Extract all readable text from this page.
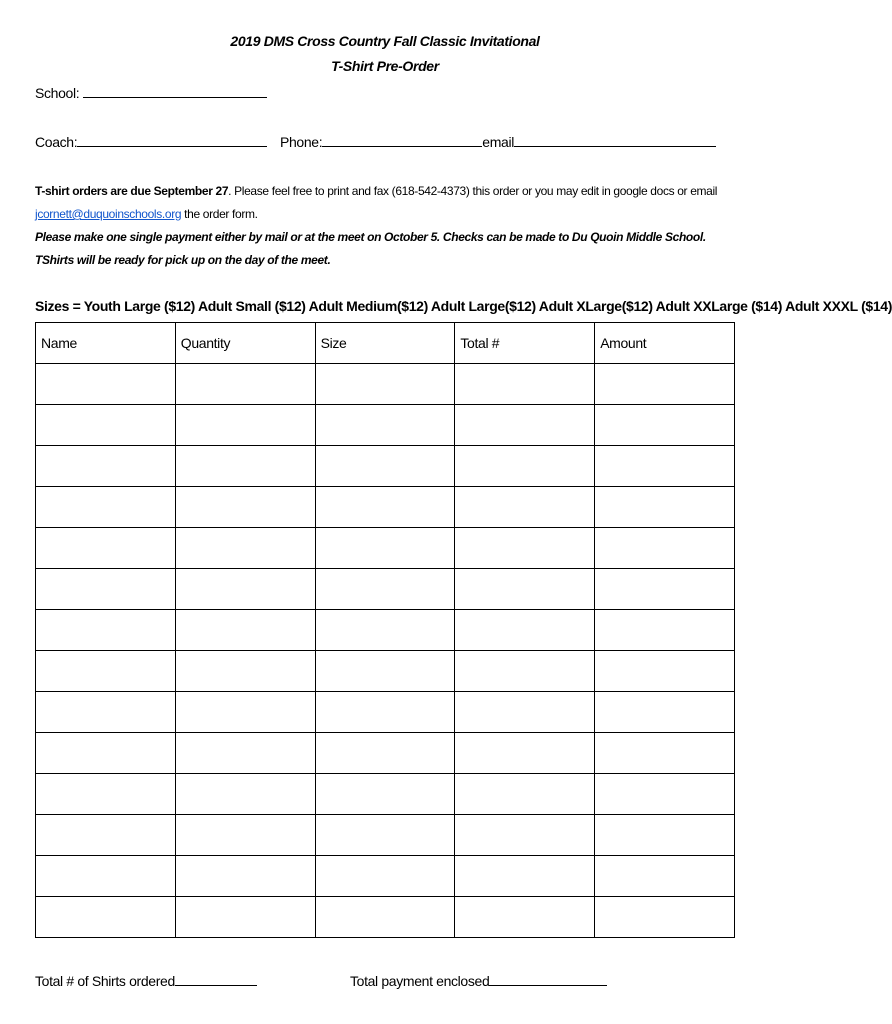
2019 DMS Cross Country Fall Classic Invitational
T-Shirt Pre-Order
School:
Coach:	Phone:	email
T-shirt orders are due September 27. Please feel free to print and fax (618-542-4373) this order or you may edit in google docs or email
jcornett@duquoinschools.org the order form.
Please make one single payment either by mail or at the meet on October 5. Checks can be made to Du Quoin Middle School. TShirts will be ready for pick up on the day of the meet.
Sizes = Youth Large ($12) Adult Small ($12) Adult Medium($12) Adult Large($12) Adult XLarge($12) Adult XXLarge ($14) Adult XXXL ($14)
Name	Quantity	Size	Total #	Amount

Total # of Shirts ordered	Total payment enclosed
